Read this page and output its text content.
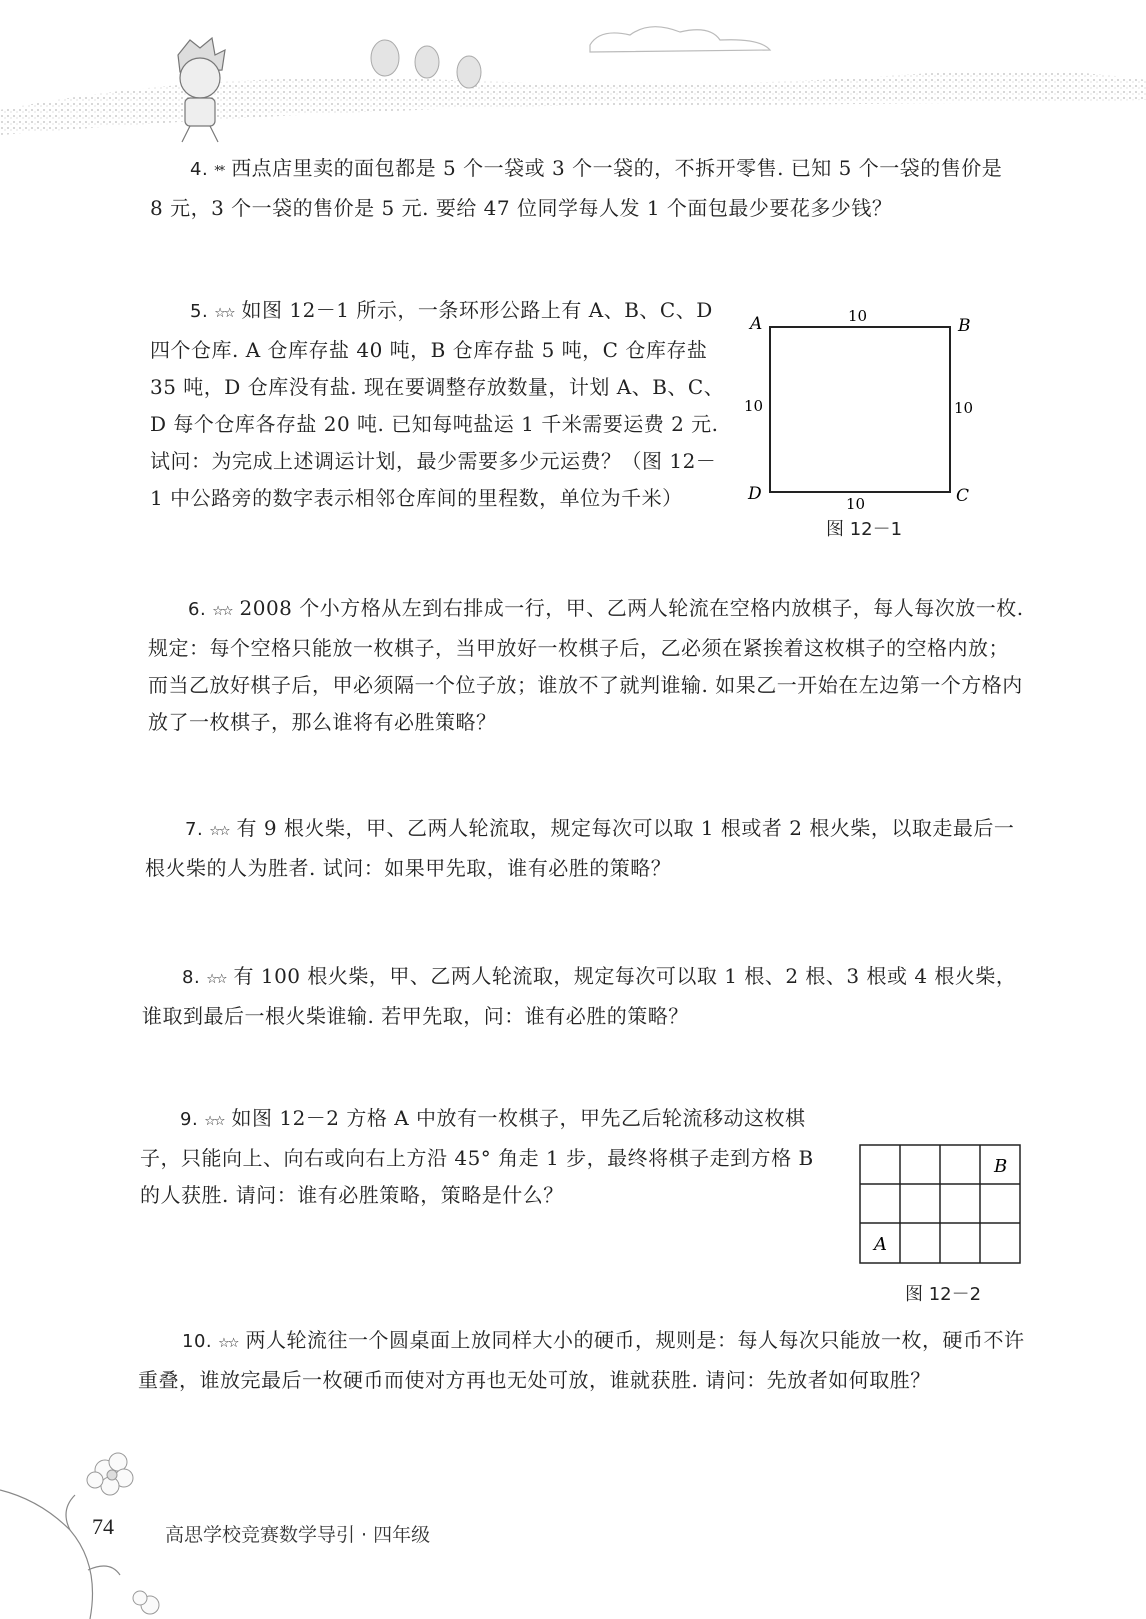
4. ** 西点店里卖的面包都是 5 个一袋或 3 个一袋的，不拆开零售. 已知 5 个一袋的售价是 8 元，3 个一袋的售价是 5 元. 要给 47 位同学每人发 1 个面包最少要花多少钱？
5. ☆☆ 如图 12－1 所示，一条环形公路上有 A、B、C、D 四个仓库. A 仓库存盐 40 吨，B 仓库存盐 5 吨，C 仓库存盐 35 吨，D 仓库没有盐. 现在要调整存放数量，计划 A、B、C、D 每个仓库各存盐 20 吨. 已知每吨盐运 1 千米需要运费 2 元. 试问：为完成上述调运计划，最少需要多少元运费？（图 12－1 中公路旁的数字表示相邻仓库间的里程数，单位为千米）
A	B
C
D
10
10
10
10
图 12－1
6. ☆☆ 2008 个小方格从左到右排成一行，甲、乙两人轮流在空格内放棋子，每人每次放一枚. 规定：每个空格只能放一枚棋子，当甲放好一枚棋子后，乙必须在紧挨着这枚棋子的空格内放；而当乙放好棋子后，甲必须隔一个位子放；谁放不了就判谁输. 如果乙一开始在左边第一个方格内放了一枚棋子，那么谁将有必胜策略？
7. ☆☆ 有 9 根火柴，甲、乙两人轮流取，规定每次可以取 1 根或者 2 根火柴，以取走最后一根火柴的人为胜者. 试问：如果甲先取，谁有必胜的策略？
8. ☆☆ 有 100 根火柴，甲、乙两人轮流取，规定每次可以取 1 根、2 根、3 根或 4 根火柴，谁取到最后一根火柴谁输. 若甲先取，问：谁有必胜的策略？
9. ☆☆ 如图 12－2 方格 A 中放有一枚棋子，甲先乙后轮流移动这枚棋子，只能向上、向右或向右上方沿 45° 角走 1 步，最终将棋子走到方格 B 的人获胜. 请问：谁有必胜策略，策略是什么？
B
A
图 12－2
10. ☆☆ 两人轮流往一个圆桌面上放同样大小的硬币，规则是：每人每次只能放一枚，硬币不许重叠，谁放完最后一枚硬币而使对方再也无处可放，谁就获胜. 请问：先放者如何取胜？
74	高思学校竞赛数学导引 · 四年级
